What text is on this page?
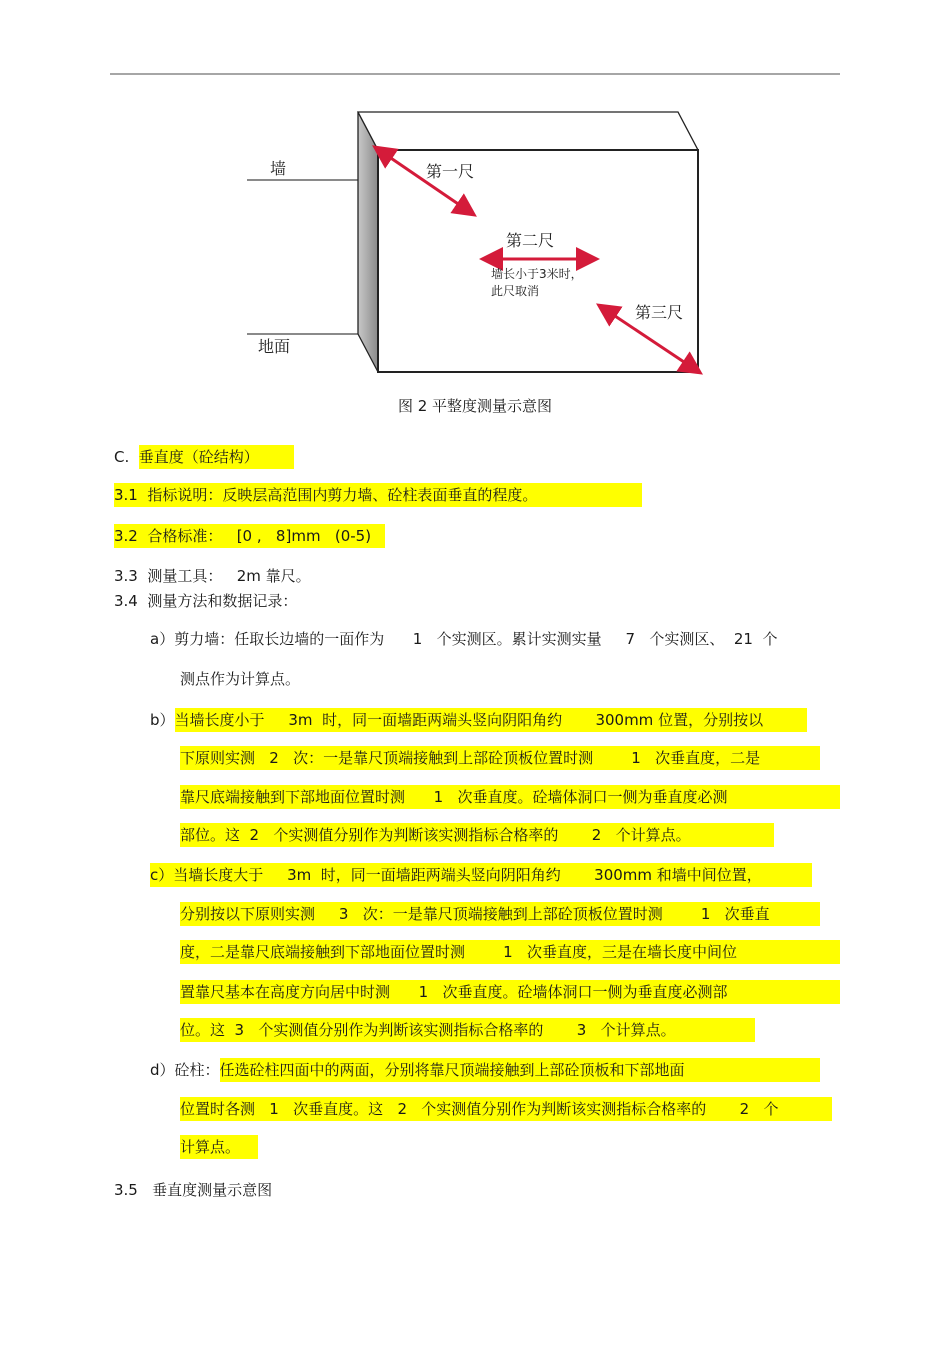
墙
地面
第一尺
第二尺
墙长小于3米时，
此尺取消
第三尺
图 2 平整度测量示意图
C.  垂直度（砼结构）
3.1  指标说明：反映层高范围内剪力墙、砼柱表面垂直的程度。
3.2  合格标准：   [0 ,   8]mm   (0-5)
3.3  测量工具：   2m 靠尺。
3.4  测量方法和数据记录：
a）剪力墙：任取长边墙的一面作为      1   个实测区。累计实测实量     7   个实测区、  21  个
测点作为计算点。
b）当墙长度小于     3m  时，同一面墙距两端头竖向阴阳角约       300mm 位置，分别按以
下原则实测   2   次：一是靠尺顶端接触到上部砼顶板位置时测        1   次垂直度，二是
靠尺底端接触到下部地面位置时测      1   次垂直度。砼墙体洞口一侧为垂直度必测
部位。这  2   个实测值分别作为判断该实测指标合格率的       2   个计算点。
c）当墙长度大于     3m  时，同一面墙距两端头竖向阴阳角约       300mm 和墙中间位置，
分别按以下原则实测     3   次：一是靠尺顶端接触到上部砼顶板位置时测        1   次垂直
度，二是靠尺底端接触到下部地面位置时测        1   次垂直度，三是在墙长度中间位
置靠尺基本在高度方向居中时测      1   次垂直度。砼墙体洞口一侧为垂直度必测部
位。这  3   个实测值分别作为判断该实测指标合格率的       3   个计算点。
d）砼柱：任选砼柱四面中的两面，分别将靠尺顶端接触到上部砼顶板和下部地面
位置时各测   1   次垂直度。这   2   个实测值分别作为判断该实测指标合格率的       2   个
计算点。
3.5   垂直度测量示意图
